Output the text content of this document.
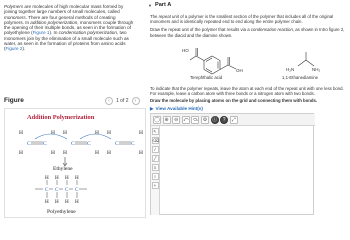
Polymers are molecules of high molecular mass formed by joining together large numbers of small molecules, called monomers. There are four general methods of creating polymers. In addition polymerization, monomers couple through the opening of their multiple bonds, as seen in the formation of polyethylene (Figure 1). In condensation polymerization, two monomers join by the elimination of a small molecule such as water, as seen in the formation of proteins from amino acids (Figure 2).
Figure	‹	1 of 2	›
Addition Polymerization
H
H
C C
H
H
H
H
C C
H
H
H
H
C C
H
H
Ethylene
H H H H
H H H H
C C C C
Polyethylene
▼ Part A

The repeat unit of a polymer is the smallest section of the polymer that includes all of the original monomers and is identically repeated end to end along the entire polymer chain.

Draw the repeat unit of the polymer that results via a condensation reaction, as shown in Intro figure 2, between the diacid and the diamine shown.

HO
OH	H₂N	NH₂
Terephthalic acid	1,1-Ethanediamine

To indicate that the polymer repeats, leave the atom at each end of the repeat unit with one less bond. For example, leave a carbon atom with three bonds or a nitrogen atom with two bonds.

Draw the molecule by placing atoms on the grid and connecting them with bonds.

▶ View Available Hint(s)
◯ ⊕	⊖ ⤺ ⤼ ⚙ ⓘ	?	⤢
↖
⌫
/
╱
≡
○
+
